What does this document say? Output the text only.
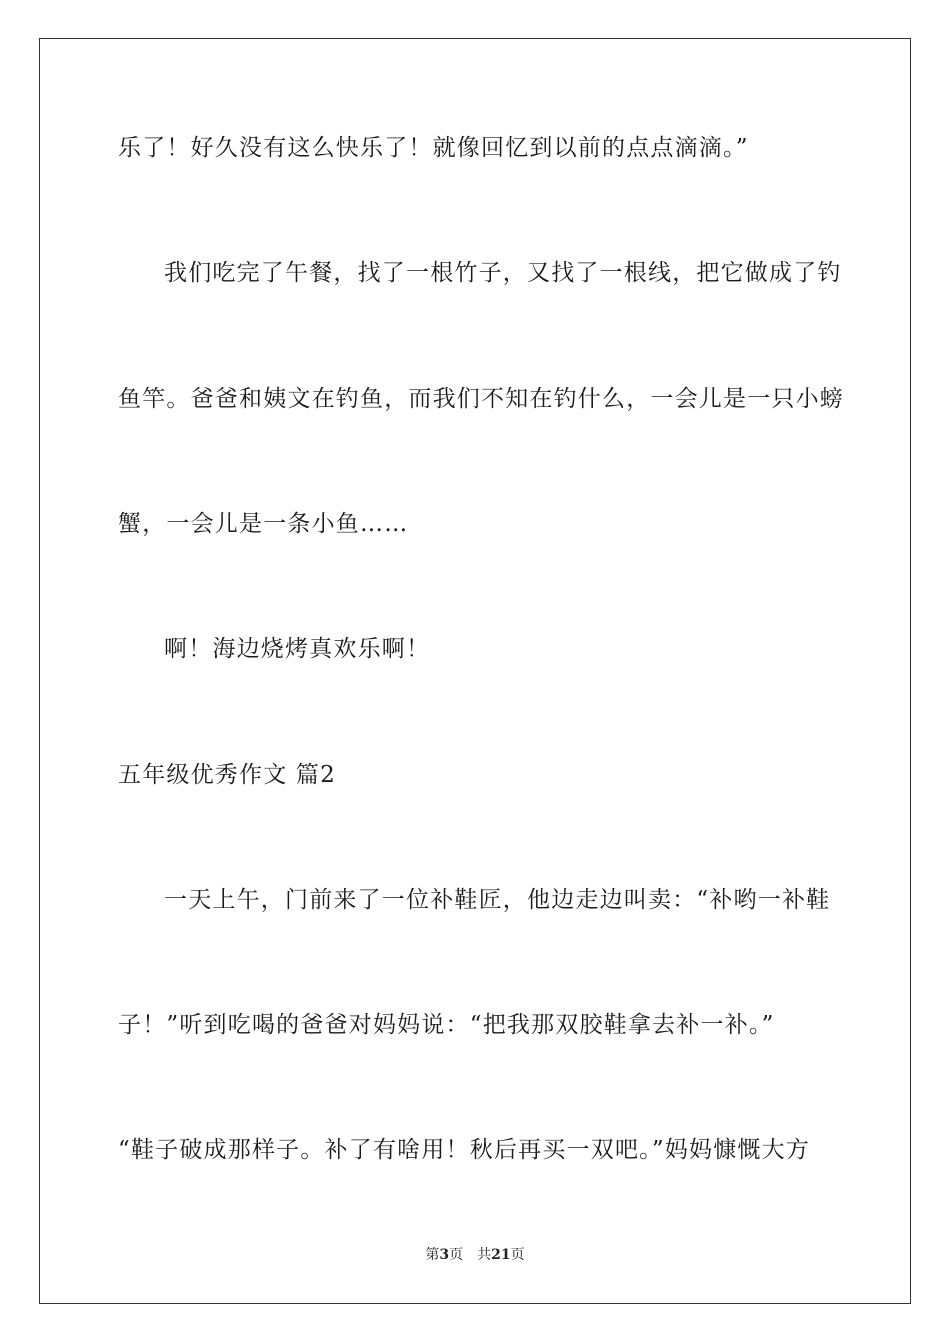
乐了！好久没有这么快乐了！就像回忆到以前的点点滴滴。”
我们吃完了午餐，找了一根竹子，又找了一根线，把它做成了钓
鱼竿。爸爸和姨文在钓鱼，而我们不知在钓什么，一会儿是一只小螃
蟹，一会儿是一条小鱼……
啊！海边烧烤真欢乐啊！
五年级优秀作文 篇2
一天上午，门前来了一位补鞋匠，他边走边叫卖：“补哟一补鞋
子！”听到吃喝的爸爸对妈妈说：“把我那双胶鞋拿去补一补。”
“鞋子破成那样子。补了有啥用！秋后再买一双吧。”妈妈慷慨大方
第3页 共21页
